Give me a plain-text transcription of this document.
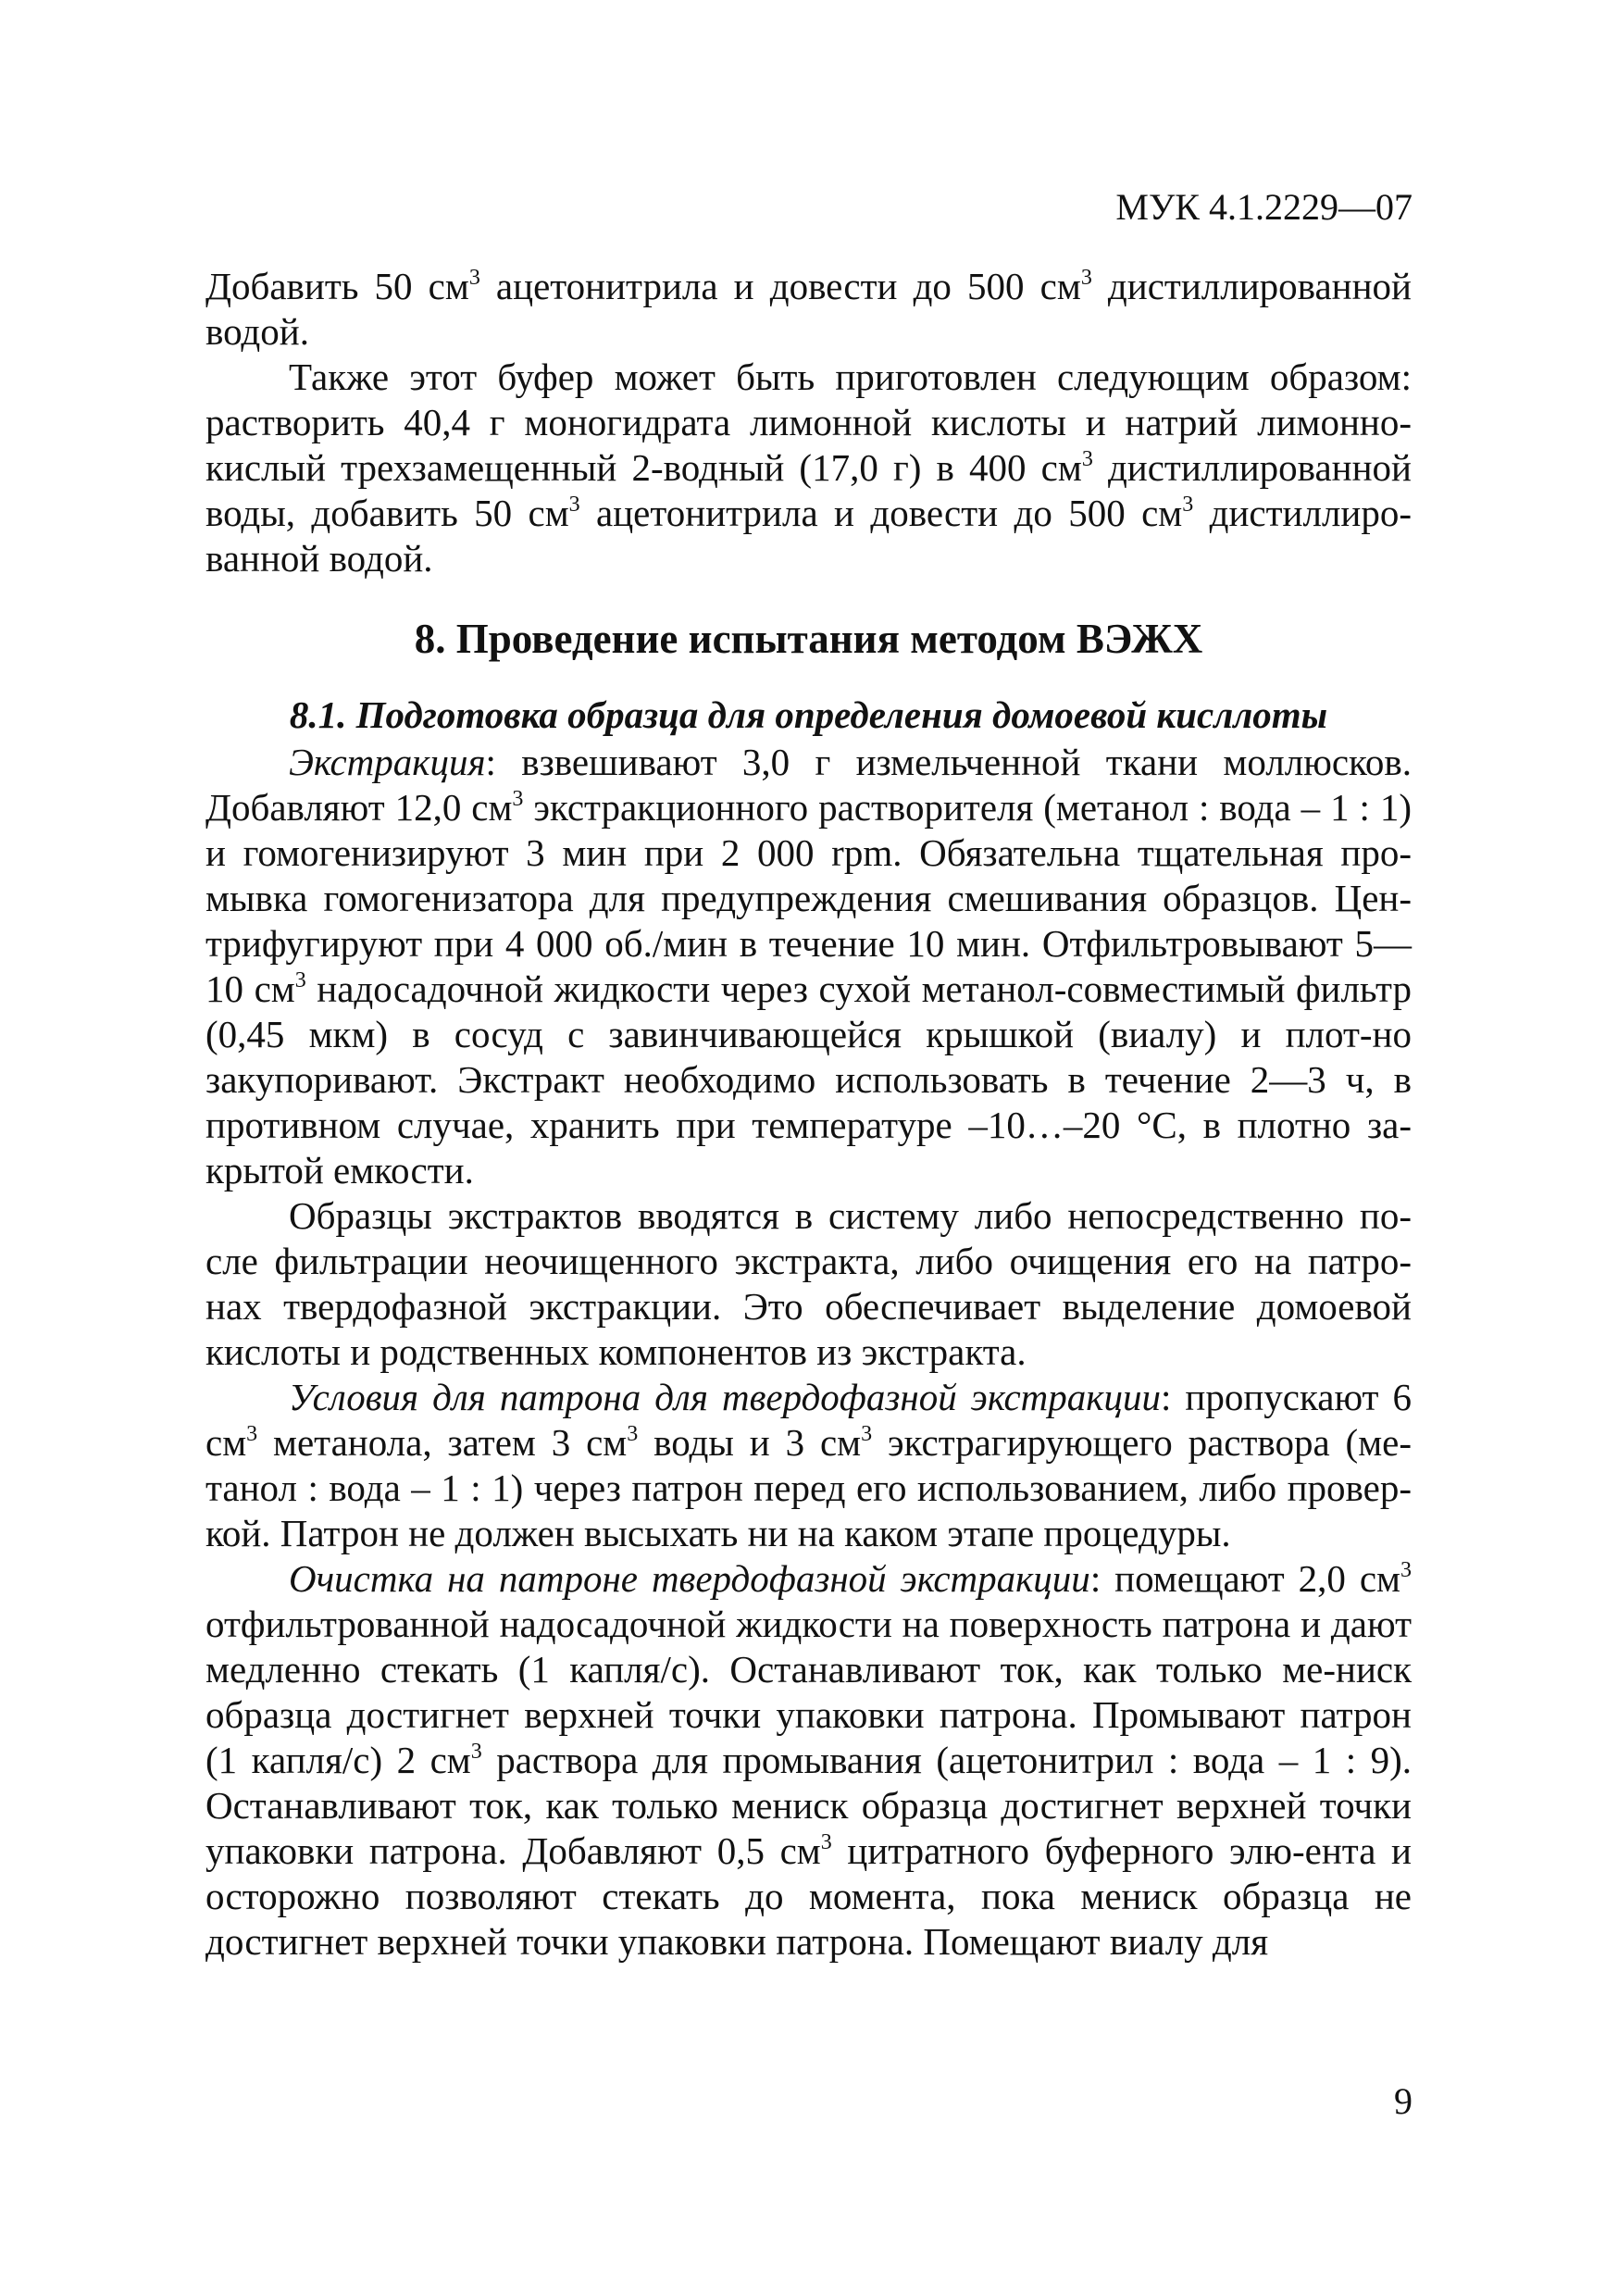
МУК 4.1.2229—07

Добавить 50 $см^3$ ацетонитрила и довести до 500 $см^3$ дистиллированной водой.

Также этот буфер может быть приготовлен следующим образом: растворить 40,4 г моногидрата лимонной кислоты и натрий лимонно-кислый трехзамещенный 2-водный (17,0 г) в 400 $см^3$ дистиллированной воды, добавить 50 $см^3$ ацетонитрила и довести до 500 $см^3$ дистиллиро-ванной водой.

8. Проведение испытания методом ВЭЖХ

8.1. Подготовка образца для определения домоевой кисллоты

Экстракция: взвешивают 3,0 г измельченной ткани моллюсков. Добавляют 12,0 $см^3$ экстракционного растворителя (метанол : вода – 1 : 1) и гомогенизируют 3 мин при 2 000 rpm. Обязательна тщательная про-мывка гомогенизатора для предупреждения смешивания образцов. Цен-трифугируют при 4 000 об./мин в течение 10 мин. Отфильтровывают 5— 10 $см^3$ надосадочной жидкости через сухой метанол-совместимый фильтр (0,45 мкм) в сосуд с завинчивающейся крышкой (виалу) и плот-но закупоривают. Экстракт необходимо использовать в течение 2—3 ч, в противном случае, хранить при температуре –10…–20 °С, в плотно за-крытой емкости.

Образцы экстрактов вводятся в систему либо непосредственно по-сле фильтрации неочищенного экстракта, либо очищения его на патро-нах твердофазной экстракции. Это обеспечивает выделение домоевой кислоты и родственных компонентов из экстракта.

Условия для патрона для твердофазной экстракции: пропускают 6 $см^3$ метанола, затем 3 $см^3$ воды и 3 $см^3$ экстрагирующего раствора (ме-танол : вода – 1 : 1) через патрон перед его использованием, либо провер-кой. Патрон не должен высыхать ни на каком этапе процедуры.

Очистка на патроне твердофазной экстракции: помещают 2,0 $см^3$ отфильтрованной надосадочной жидкости на поверхность патрона и дают медленно стекать (1 капля/с). Останавливают ток, как только ме-ниск образца достигнет верхней точки упаковки патрона. Промывают патрон (1 капля/с) 2 $см^3$ раствора для промывания (ацетонитрил : вода – 1 : 9). Останавливают ток, как только мениск образца достигнет верхней точки упаковки патрона. Добавляют 0,5 $см^3$ цитратного буферного элю-ента и осторожно позволяют стекать до момента, пока мениск образца не достигнет верхней точки упаковки патрона. Помещают виалу для

9
